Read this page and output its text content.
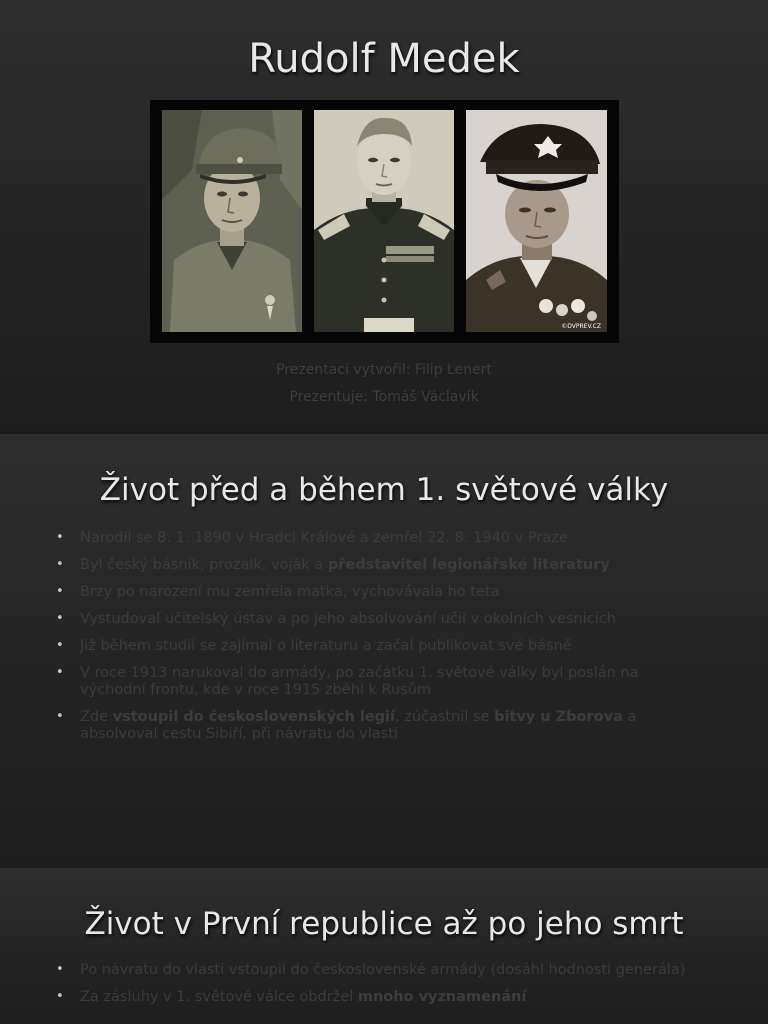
Rudolf Medek
©DVPREV.CZ

Prezentaci vytvořil: Filip Lenert

Prezentuje: Tomáš Václavík

Život před a během 1. světové války
• Narodil se 8. 1. 1890 v Hradci Králové a zemřel 22. 8. 1940 v Praze
• Byl český básník, prozaik, voják a představitel legionářské literatury
• Brzy po narození mu zemřela matka, vychovávala ho teta
• Vystudoval učitelský ústav a po jeho absolvování učil v okolních vesnicích
• Již během studií se zajímal o literaturu a začal publikovat své básně
• V roce 1913 narukoval do armády, po začátku 1. světové války byl poslán na východní frontu, kde v roce 1915 zběhl k Rusům
• Zde vstoupil do československých legií, zúčastnil se bitvy u Zborova a absolvoval cestu Sibiří, při návratu do vlasti
Život v První republice až po jeho smrt
• Po návratu do vlasti vstoupil do československé armády (dosáhl hodnosti generála)
• Za zásluhy v 1. světové válce obdržel mnoho vyznamenání
